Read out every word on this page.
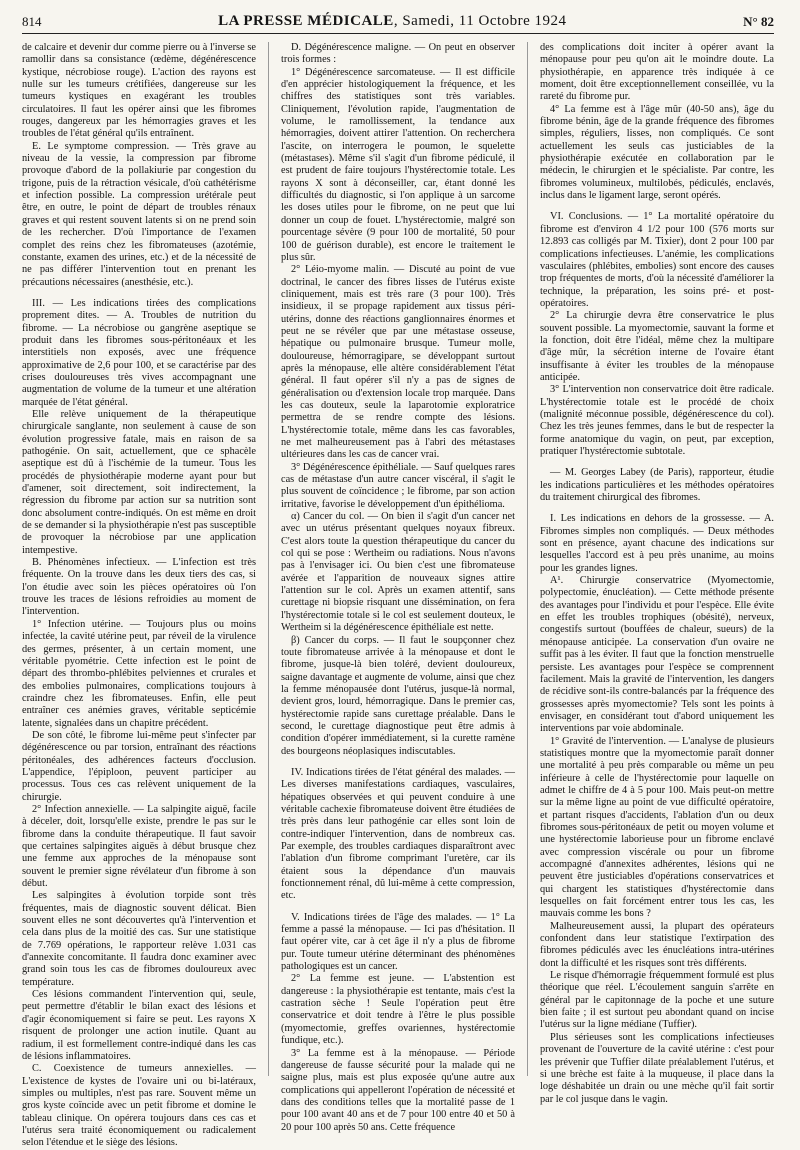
814	LA PRESSE MÉDICALE, Samedi, 11 Octobre 1924	N° 82

de calcaire et devenir dur comme pierre ou à l'inverse se ramollir dans sa consistance (œdème, dégénérescence kystique, nécrobiose rouge). L'action des rayons est nulle sur les tumeurs crétifiées, dangereuse sur les tumeurs kystiques en exagérant les troubles circulatoires. Il faut les opérer ainsi que les fibromes rouges, dangereux par les hémorragies graves et les troubles de l'état général qu'ils entraînent.

E. Le symptome compression. — Très grave au niveau de la vessie, la compression par fibrome provoque d'abord de la pollakiurie par congestion du trigone, puis de la rétraction vésicale, d'où cathétérisme et infection possible. La compression urétérale peut être, en outre, le point de départ de troubles rénaux graves et qui restent souvent latents si on ne prend soin de les rechercher. D'où l'importance de l'examen complet des reins chez les fibromateuses (azotémie, constante, examen des urines, etc.) et de la nécessité de ne pas différer l'intervention tout en prenant les précautions nécessaires (anesthésie, etc.).

III. — Les indications tirées des complications proprement dites. — A. Troubles de nutrition du fibrome. — La nécrobiose ou gangrène aseptique se produit dans les fibromes sous-péritonéaux et les interstitiels non exposés, avec une fréquence approximative de 2,6 pour 100, et se caractérise par des crises douloureuses très vives accompagnant une augmentation de volume de la tumeur et une altération marquée de l'état général.

Elle relève uniquement de la thérapeutique chirurgicale sanglante, non seulement à cause de son évolution progressive fatale, mais en raison de sa pathogénie. On sait, actuellement, que ce sphacèle aseptique est dû à l'ischémie de la tumeur. Tous les procédés de physiothérapie moderne ayant pour but d'amener, soit directement, soit indirectement, la régression du fibrome par action sur sa nutrition sont donc absolument contre-indiqués. On est même en droit de se demander si la physiothérapie n'est pas susceptible de provoquer la nécrobiose par une application intempestive.

B. Phénomènes infectieux. — L'infection est très fréquente. On la trouve dans les deux tiers des cas, si l'on étudie avec soin les pièces opératoires où l'on trouve les traces de lésions refroidies au moment de l'intervention.

1° Infection utérine. — Toujours plus ou moins infectée, la cavité utérine peut, par réveil de la virulence des germes, présenter, à un certain moment, une véritable pyométrie. Cette infection est le point de départ des thrombo-phlébites pelviennes et crurales et des embolies pulmonaires, complications toujours à craindre chez les fibromateuses. Enfin, elle peut entraîner ces anémies graves, véritable septicémie latente, signalées dans un chapitre précédent.

De son côté, le fibrome lui-même peut s'infecter par dégénérescence ou par torsion, entraînant des réactions péritonéales, des adhérences facteurs d'occlusion. L'appendice, l'épiploon, peuvent participer au processus. Tous ces cas relèvent uniquement de la chirurgie.

2° Infection annexielle. — La salpingite aiguë, facile à déceler, doit, lorsqu'elle existe, prendre le pas sur le fibrome dans la conduite thérapeutique. Il faut savoir que certaines salpingites aiguës à début brusque chez une femme aux approches de la ménopause sont souvent le premier signe révélateur d'un fibrome à son début.

Les salpingites à évolution torpide sont très fréquentes, mais de diagnostic souvent délicat. Bien souvent elles ne sont découvertes qu'à l'intervention et cela dans plus de la moitié des cas. Sur une statistique de 7.769 opérations, le rapporteur relève 1.031 cas d'annexite concomitante. Il faudra donc examiner avec grand soin tous les cas de fibromes douloureux avec température.

Ces lésions commandent l'intervention qui, seule, peut permettre d'établir le bilan exact des lésions et d'agir économiquement si faire se peut. Les rayons X risquent de prolonger une action inutile. Quant au radium, il est formellement contre-indiqué dans les cas de lésions inflammatoires.

C. Coexistence de tumeurs annexielles. — L'existence de kystes de l'ovaire uni ou bi-latéraux, simples ou multiples, n'est pas rare. Souvent même un gros kyste coïncide avec un petit fibrome et domine le tableau clinique. On opérera toujours dans ces cas et l'utérus sera traité économiquement ou radicalement selon l'étendue et le siège des lésions.

D. Dégénérescence maligne. — On peut en observer trois formes :

1° Dégénérescence sarcomateuse. — Il est difficile d'en apprécier histologiquement la fréquence, et les chiffres des statistiques sont très variables. Cliniquement, l'évolution rapide, l'augmentation de volume, le ramollissement, la tendance aux hémorragies, doivent attirer l'attention. On recherchera l'ascite, on interrogera le poumon, le squelette (métastases). Même s'il s'agit d'un fibrome pédiculé, il est prudent de faire toujours l'hystérectomie totale. Les rayons X sont à déconseiller, car, étant donné les difficultés du diagnostic, si l'on applique à un sarcome les doses utiles pour le fibrome, on ne peut que lui donner un coup de fouet. L'hystérectomie, malgré son pourcentage sévère (9 pour 100 de mortalité, 50 pour 100 de guérison durable), est encore le traitement le plus sûr.

2° Léio-myome malin. — Discuté au point de vue doctrinal, le cancer des fibres lisses de l'utérus existe cliniquement, mais est très rare (3 pour 100). Très insidieux, il se propage rapidement aux tissus péri-utérins, donne des réactions ganglionnaires énormes et peut ne se révéler que par une métastase osseuse, hépatique ou pulmonaire brusque. Tumeur molle, douloureuse, hémorragipare, se développant surtout après la ménopause, elle altère considérablement l'état général. Il faut opérer s'il n'y a pas de signes de généralisation ou d'extension locale trop marquée. Dans les cas douteux, seule la laparotomie exploratrice permettra de se rendre compte des lésions. L'hystérectomie totale, même dans les cas favorables, ne met malheureusement pas à l'abri des métastases ultérieures dans les cas de cancer vrai.

3° Dégénérescence épithéliale. — Sauf quelques rares cas de métastase d'un autre cancer viscéral, il s'agit le plus souvent de coïncidence ; le fibrome, par son action irritative, favorise le développement d'un épithélioma.

α) Cancer du col. — On bien il s'agit d'un cancer net avec un utérus présentant quelques noyaux fibreux. C'est alors toute la question thérapeutique du cancer du col qui se pose : Wertheim ou radiations. Nous n'avons pas à l'envisager ici. Ou bien c'est une fibromateuse avérée et l'apparition de nouveaux signes attire l'attention sur le col. Après un examen attentif, sans curettage ni biopsie risquant une dissémination, on fera l'hystérectomie totale si le col est seulement douteux, le Wertheim si la dégénérescence épithéliale est nette.

β) Cancer du corps. — Il faut le soupçonner chez toute fibromateuse arrivée à la ménopause et dont le fibrome, jusque-là bien toléré, devient douloureux, saigne davantage et augmente de volume, ainsi que chez la femme ménopausée dont l'utérus, jusque-là normal, devient gros, lourd, hémorragique. Dans le premier cas, hystérectomie rapide sans curettage préalable. Dans le second, le curettage diagnostique peut être admis à condition d'opérer immédiatement, si la curette ramène des bourgeons néoplasiques indiscutables.

IV. Indications tirées de l'état général des malades. — Les diverses manifestations cardiaques, vasculaires, hépatiques observées et qui peuvent conduire à une véritable cachexie fibromateuse doivent être étudiées de très près dans leur pathogénie car elles sont loin de contre-indiquer l'intervention, dans de nombreux cas. Par exemple, des troubles cardiaques disparaîtront avec l'ablation d'un fibrome comprimant l'uretère, car ils étaient sous la dépendance d'un mauvais fonctionnement rénal, dû lui-même à cette compression, etc.

V. Indications tirées de l'âge des malades. — 1° La femme a passé la ménopause. — Ici pas d'hésitation. Il faut opérer vite, car à cet âge il n'y a plus de fibrome pur. Toute tumeur utérine déterminant des phénomènes pathologiques est un cancer.

2° La femme est jeune. — L'abstention est dangereuse : la physiothérapie est tentante, mais c'est la castration sèche ! Seule l'opération peut être conservatrice et doit tendre à l'être le plus possible (myomectomie, greffes ovariennes, hystérectomie fundique, etc.).

3° La femme est à la ménopause. — Période dangereuse de fausse sécurité pour la malade qui ne saigne plus, mais est plus exposée qu'une autre aux complications qui appelleront l'opération de nécessité et dans des conditions telles que la mortalité passe de 1 pour 100 avant 40 ans et de 7 pour 100 entre 40 et 50 à 20 pour 100 après 50 ans. Cette fréquence

des complications doit inciter à opérer avant la ménopause pour peu qu'on ait le moindre doute. La physiothérapie, en apparence très indiquée à ce moment, doit être exceptionnellement conseillée, vu la rareté du fibrome pur.

4° La femme est à l'âge mûr (40-50 ans), âge du fibrome bénin, âge de la grande fréquence des fibromes simples, réguliers, lisses, non compliqués. Ce sont actuellement les seuls cas justiciables de la physiothérapie exécutée en collaboration par le médecin, le chirurgien et le spécialiste. Par contre, les fibromes volumineux, multilobés, pédiculés, enclavés, inclus dans le ligament large, seront opérés.

VI. Conclusions. — 1° La mortalité opératoire du fibrome est d'environ 4 1/2 pour 100 (576 morts sur 12.893 cas colligés par M. Tixier), dont 2 pour 100 par complications infectieuses. L'anémie, les complications vasculaires (phlébites, embolies) sont encore des causes trop fréquentes de morts, d'où la nécessité d'améliorer la technique, la préparation, les soins pré- et post-opératoires.

2° La chirurgie devra être conservatrice le plus souvent possible. La myomectomie, sauvant la forme et la fonction, doit être l'idéal, même chez la multipare d'âge mûr, la sécrétion interne de l'ovaire étant insuffisante à éviter les troubles de la ménopause anticipée.

3° L'intervention non conservatrice doit être radicale. L'hystérectomie totale est le procédé de choix (malignité méconnue possible, dégénérescence du col). Chez les très jeunes femmes, dans le but de respecter la forme anatomique du vagin, on peut, par exception, pratiquer l'hystérectomie subtotale.

— M. Georges Labey (de Paris), rapporteur, étudie les indications particulières et les méthodes opératoires du traitement chirurgical des fibromes.

I. Les indications en dehors de la grossesse. — A. Fibromes simples non compliqués. — Deux méthodes sont en présence, ayant chacune des indications sur lesquelles l'accord est à peu près unanime, au moins pour les grandes lignes.

A¹. Chirurgie conservatrice (Myomectomie, polypectomie, énucléation). — Cette méthode présente des avantages pour l'individu et pour l'espèce. Elle évite en effet les troubles trophiques (obésité), nerveux, congestifs surtout (bouffées de chaleur, sueurs) de la ménopause anticipée. La conservation d'un ovaire ne suffit pas à les éviter. Il faut que la fonction menstruelle persiste. Les avantages pour l'espèce se comprennent facilement. Mais la gravité de l'intervention, les dangers de récidive sont-ils contre-balancés par la fréquence des grossesses après myomectomie? Tels sont les points à envisager, en considérant tout d'abord uniquement les interventions par voie abdominale.

1° Gravité de l'intervention. — L'analyse de plusieurs statistiques montre que la myomectomie paraît donner une mortalité à peu près comparable ou même un peu inférieure à celle de l'hystérectomie pour laquelle on admet le chiffre de 4 à 5 pour 100. Mais peut-on mettre sur la même ligne au point de vue difficulté opératoire, et partant risques d'accidents, l'ablation d'un ou deux fibromes sous-péritonéaux de petit ou moyen volume et une hystérectomie laborieuse pour un fibrome enclavé avec compression viscérale ou pour un fibrome accompagné d'annexites adhérentes, lésions qui ne peuvent être justiciables d'opérations conservatrices et qui chargent les statistiques d'hystérectomie dans lesquelles on fait forcément entrer tous les cas, les mauvais comme les bons ?

Malheureusement aussi, la plupart des opérateurs confondent dans leur statistique l'extirpation des fibromes pédiculés avec les énucléations intra-utérines dont la difficulté et les risques sont très différents.

Le risque d'hémorragie fréquemment formulé est plus théorique que réel. L'écoulement sanguin s'arrête en général par le capitonnage de la poche et une suture bien faite ; il est surtout peu abondant quand on incise l'utérus sur la ligne médiane (Tuffier).

Plus sérieuses sont les complications infectieuses provenant de l'ouverture de la cavité utérine : c'est pour les prévenir que Tuffier dilate préalablement l'utérus, et si une brèche est faite à la muqueuse, il place dans la loge déshabitée un drain ou une mèche qu'il fait sortir par le col jusque dans le vagin.
